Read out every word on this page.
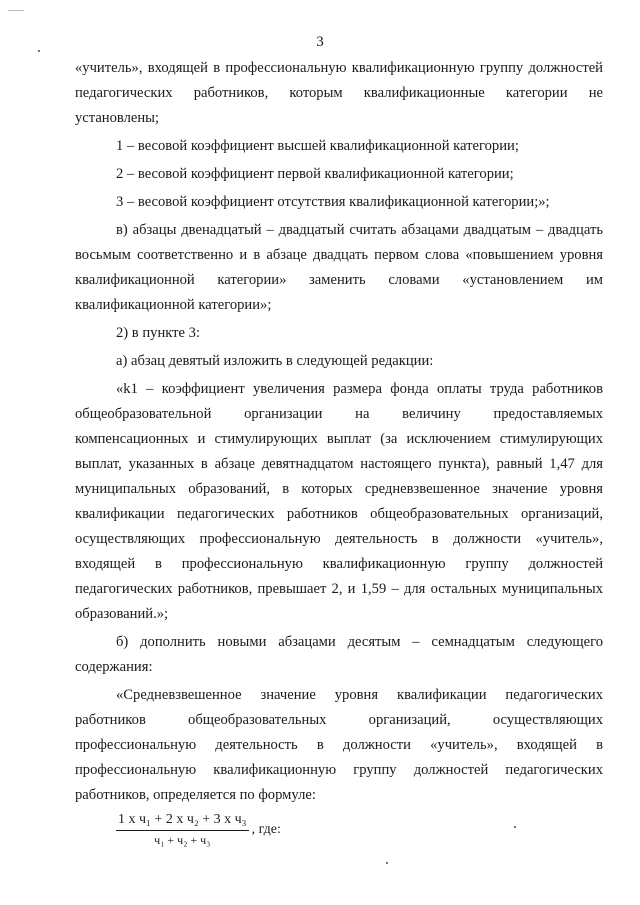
3

«учитель», входящей в профессиональную квалификационную группу должностей педагогических работников, которым квалификационные категории не установлены;

1 – весовой коэффициент высшей квалификационной категории;

2 – весовой коэффициент первой квалификационной категории;

3 – весовой коэффициент отсутствия квалификационной категории;»;

в) абзацы двенадцатый – двадцатый считать абзацами двадцатым – двадцать восьмым соответственно и в абзаце двадцать первом слова «повышением уровня квалификационной категории» заменить словами «установлением им квалификационной категории»;

2) в пункте 3:

а) абзац девятый изложить в следующей редакции:

«k1 – коэффициент увеличения размера фонда оплаты труда работников общеобразовательной организации на величину предоставляемых компенсационных и стимулирующих выплат (за исключением стимулирующих выплат, указанных в абзаце девятнадцатом настоящего пункта), равный 1,47 для муниципальных образований, в которых средневзвешенное значение уровня квалификации педагогических работников общеобразовательных организаций, осуществляющих профессиональную деятельность в должности «учитель», входящей в профессиональную квалификационную группу должностей педагогических работников, превышает 2, и 1,59 – для остальных муниципальных образований.»;

б) дополнить новыми абзацами десятым – семнадцатым следующего содержания:

«Средневзвешенное значение уровня квалификации педагогических работников общеобразовательных организаций, осуществляющих профессиональную деятельность в должности «учитель», входящей в профессиональную квалификационную группу должностей педагогических работников, определяется по формуле:

$\frac{\text{1 х ч₁ + 2 х ч₂ + 3 х ч₃}}{\text{ч₁ + ч₂ + ч₃}}$ , где:
